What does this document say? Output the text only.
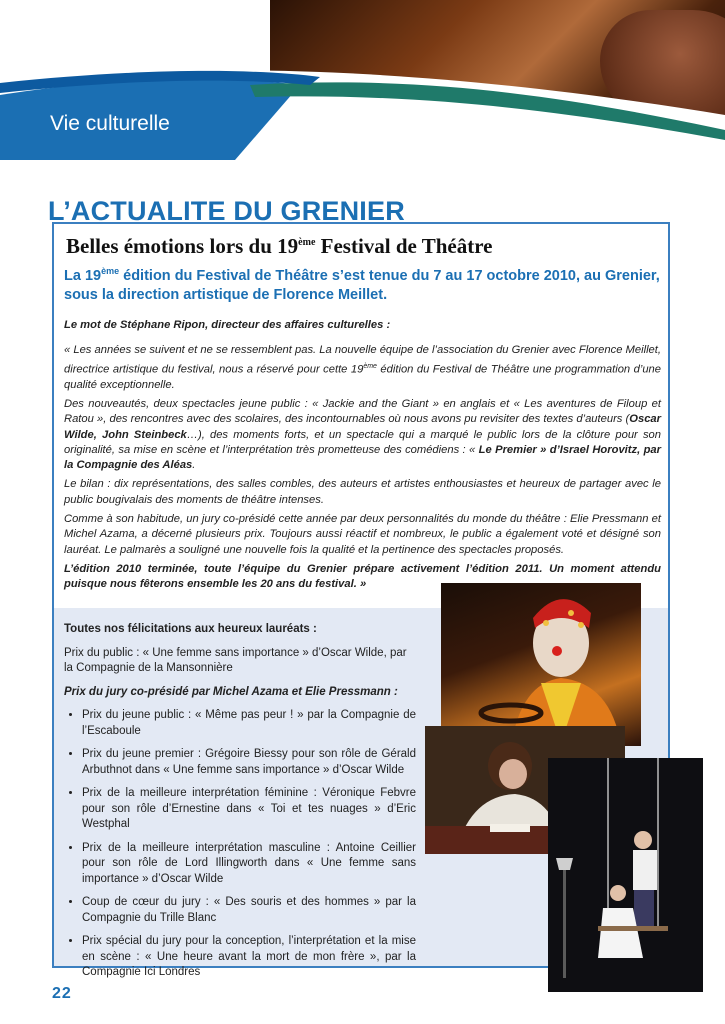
Vie culturelle
L’ACTUALITE DU GRENIER
Belles émotions lors du 19ème Festival de Théâtre
La 19ème édition du Festival de Théâtre s’est tenue du 7 au 17 octobre 2010, au Grenier, sous la direction artistique de Florence Meillet.

Le mot de Stéphane Ripon, directeur des affaires culturelles :

« Les années se suivent et ne se ressemblent pas. La nouvelle équipe de l’association du Grenier avec Florence Meillet, directrice artistique du festival, nous a réservé pour cette 19ème édition du Festival de Théâtre une programmation d’une qualité exceptionnelle.

Des nouveautés, deux spectacles jeune public : « Jackie and the Giant » en anglais et « Les aventures de Filoup et Ratou », des rencontres avec des scolaires, des incontournables où nous avons pu revisiter des textes d’auteurs (Oscar Wilde, John Steinbeck…), des moments forts, et un spectacle qui a marqué le public lors de la clôture pour son originalité, sa mise en scène et l’interprétation très prometteuse des comédiens : « Le Premier » d’Israel Horovitz, par la Compagnie des Aléas.

Le bilan : dix représentations, des salles combles, des auteurs et artistes enthousiastes et heureux de partager avec le public bougivalais des moments de théâtre intenses.

Comme à son habitude, un jury co-présidé cette année par deux personnalités du monde du théâtre : Elie Pressmann et Michel Azama, a décerné plusieurs prix. Toujours aussi réactif et nombreux, le public a également voté et désigné son lauréat. Le palmarès a souligné une nouvelle fois la qualité et la pertinence des spectacles proposés.

L’édition 2010 terminée, toute l’équipe du Grenier prépare activement l’édition 2011. Un moment attendu puisque nous fêterons ensemble les 20 ans du festival. »

Toutes nos félicitations aux heureux lauréats :

Prix du public : « Une femme sans importance » d’Oscar Wilde, par la Compagnie de la Mansonnière

Prix du jury co-présidé par Michel Azama et Elie Pressmann :

• Prix du jeune public : « Même pas peur ! » par la Compagnie de l’Escaboule
• Prix du jeune premier : Grégoire Biessy pour son rôle de Gérald Arbuthnot dans « Une femme sans importance » d’Oscar Wilde
• Prix de la meilleure interprétation féminine : Véronique Febvre pour son rôle d’Ernestine dans « Toi et tes nuages » d’Eric Westphal
• Prix de la meilleure interprétation masculine : Antoine Ceillier pour son rôle de Lord Illingworth dans « Une femme sans importance » d’Oscar Wilde
• Coup de cœur du jury : « Des souris et des hommes » par la Compagnie du Trille Blanc
• Prix spécial du jury pour la conception, l’interprétation et la mise en scène : « Une heure avant la mort de mon frère », par la Compagnie Ici Londres
22
